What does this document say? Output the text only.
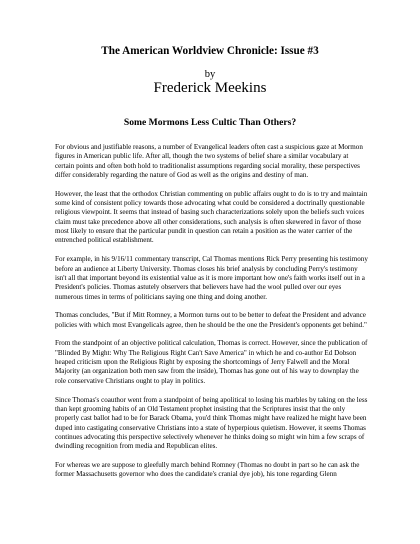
The American Worldview Chronicle: Issue #3
by
Frederick Meekins
Some Mormons Less Cultic Than Others?

For obvious and justifiable reasons, a number of Evangelical leaders often cast a suspicious gaze at Mormon figures in American public life. After all, though the two systems of belief share a similar vocabulary at certain points and often both hold to traditionalist assumptions regarding social morality, these perspectives differ considerably regarding the nature of God as well as the origins and destiny of man.

However, the least that the orthodox Christian commenting on public affairs ought to do is to try and maintain some kind of consistent policy towards those advocating what could be considered a doctrinally questionable religious viewpoint. It seems that instead of basing such characterizations solely upon the beliefs such voices claim must take precedence above all other considerations, such analysis is often skewered in favor of those most likely to ensure that the particular pundit in question can retain a position as the water carrier of the entrenched political establishment.

For example, in his 9/16/11 commentary transcript, Cal Thomas mentions Rick Perry presenting his testimony before an audience at Liberty University. Thomas closes his brief analysis by concluding Perry's testimony isn't all that important beyond its existential value as it is more important how one's faith works itself out in a President's policies. Thomas astutely observers that believers have had the wool pulled over our eyes numerous times in terms of politicians saying one thing and doing another.

Thomas concludes, "But if Mitt Romney, a Mormon turns out to be better to defeat the President and advance policies with which most Evangelicals agree, then he should be the one the President's opponents get behind."

From the standpoint of an objective political calculation, Thomas is correct. However, since the publication of "Blinded By Might: Why The Religious Right Can't Save America" in which he and co-author Ed Dobson heaped criticism upon the Religious Right by exposing the shortcomings of Jerry Falwell and the Moral Majority (an organization both men saw from the inside), Thomas has gone out of his way to downplay the role conservative Christians ought to play in politics.

Since Thomas's coauthor went from a standpoint of being apolitical to losing his marbles by taking on the less than kept grooming habits of an Old Testament prophet insisting that the Scriptures insist that the only properly cast ballot had to be for Barack Obama, you'd think Thomas might have realized he might have been duped into castigating conservative Christians into a state of hyperpious quietism. However, it seems Thomas continues advocating this perspective selectively whenever he thinks doing so might win him a few scraps of dwindling recognition from media and Republican elites.

For whereas we are suppose to gleefully march behind Romney (Thomas no doubt in part so he can ask the former Massachusetts governor who does the candidate's cranial dye job), his tone regarding Glenn
